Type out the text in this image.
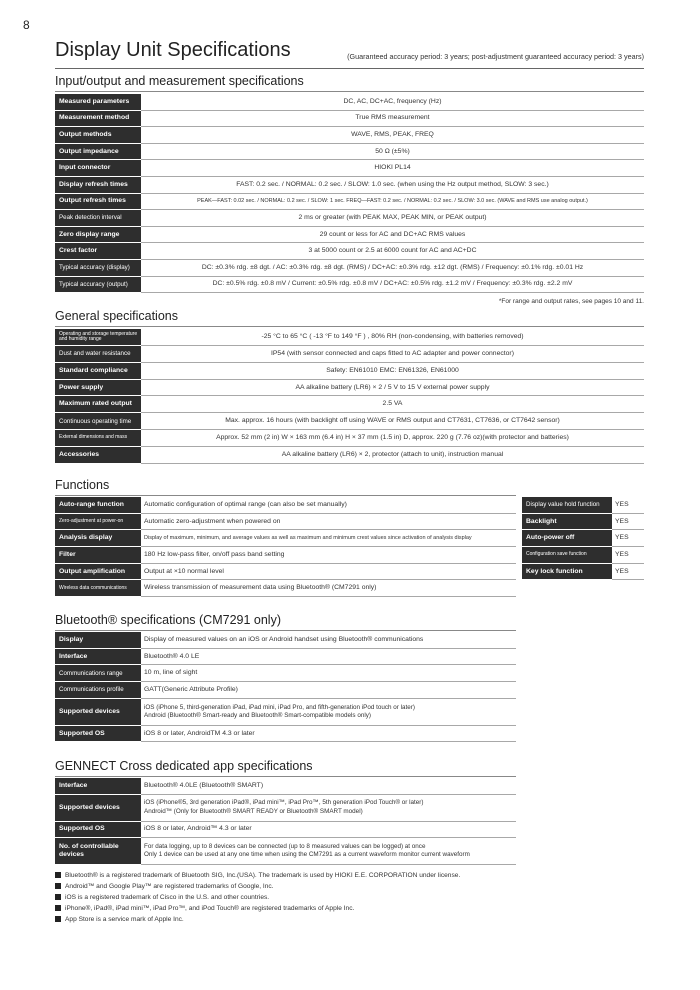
8
Display Unit Specifications	(Guaranteed accuracy period: 3 years; post-adjustment guaranteed accuracy period: 3 years)
Input/output and measurement specifications
Measured parameters	DC, AC, DC+AC, frequency (Hz)
Measurement method	True RMS measurement
Output methods	WAVE, RMS, PEAK, FREQ
Output impedance	50 Ω (±5%)
Input connector	HIOKI PL14
Display refresh times	FAST: 0.2 sec. / NORMAL: 0.2 sec. / SLOW: 1.0 sec. (when using the Hz output method, SLOW: 3 sec.)
Output refresh times	PEAK—FAST: 0.02 sec. / NORMAL: 0.2 sec. / SLOW: 1 sec. FREQ—FAST: 0.2 sec. / NORMAL: 0.2 sec. / SLOW: 3.0 sec. (WAVE and RMS use analog output.)
Peak detection interval	2 ms or greater (with PEAK MAX, PEAK MIN, or PEAK output)
Zero display range	29 count or less for AC and DC+AC RMS values
Crest factor	3 at 5000 count or 2.5 at 6000 count for AC and AC+DC
Typical accuracy (display)	DC: ±0.3% rdg. ±8 dgt. / AC: ±0.3% rdg. ±8 dgt. (RMS) / DC+AC: ±0.3% rdg. ±12 dgt. (RMS) / Frequency: ±0.1% rdg. ±0.01 Hz
Typical accuracy (output)	DC: ±0.5% rdg. ±0.8 mV / Current: ±0.5% rdg. ±0.8 mV / DC+AC: ±0.5% rdg. ±1.2 mV / Frequency: ±0.3% rdg. ±2.2 mV
*For range and output rates, see pages 10 and 11.
General specifications
Operating and storage temperature and humidity range	-25 °C to 65 °C ( -13 °F to 149 °F ) , 80% RH (non-condensing, with batteries removed)
Dust and water resistance	IP54 (with sensor connected and caps fitted to AC adapter and power connector)
Standard compliance	Safety: EN61010 EMC: EN61326, EN61000
Power supply	AA alkaline battery (LR6) × 2 / 5 V to 15 V external power supply
Maximum rated output	2.5 VA
Continuous operating time	Max. approx. 16 hours (with backlight off using WAVE or RMS output and CT7631, CT7636, or CT7642 sensor)
External dimensions and mass	Approx. 52 mm (2 in) W × 163 mm (6.4 in) H × 37 mm (1.5 in) D, approx. 220 g (7.76 oz)(with protector and batteries)
Accessories	AA alkaline battery (LR6) × 2, protector (attach to unit), instruction manual
Functions
Auto-range function	Automatic configuration of optimal range (can also be set manually)
Zero-adjustment at power-on	Automatic zero-adjustment when powered on
Analysis display	Display of maximum, minimum, and average values as well as maximum and minimum crest values since activation of analysis display
Filter	180 Hz low-pass filter, on/off pass band setting
Output amplification	Output at ×10 normal level
Wireless data communications	Wireless transmission of measurement data using Bluetooth® (CM7291 only)
Display value hold function	YES
Backlight	YES
Auto-power off	YES
Configuration save function	YES
Key lock function	YES
Bluetooth® specifications (CM7291 only)
Display	Display of measured values on an iOS or Android handset using Bluetooth® communications
Interface	Bluetooth® 4.0 LE
Communications range	10 m, line of sight
Communications profile	GATT(Generic Attribute Profile)
Supported devices	iOS (iPhone 5, third-generation iPad, iPad mini, iPad Pro, and fifth-generation iPod touch or later)
Android (Bluetooth® Smart-ready and Bluetooth® Smart-compatible models only)

Supported OS	iOS 8 or later, AndroidTM 4.3 or later
GENNECT Cross dedicated app specifications
Interface	Bluetooth® 4.0LE (Bluetooth® SMART)
Supported devices	iOS (iPhone®5, 3rd generation iPad®, iPad mini™, iPad Pro™, 5th generation iPod Touch® or later)
Android™ (Only for Bluetooth® SMART READY or Bluetooth® SMART model)

Supported OS	iOS 8 or later, Android™ 4.3 or later
No. of controllable devices	For data logging, up to 8 devices can be connected (up to 8 measured values can be logged) at once
Only 1 device can be used at any one time when using the CM7291 as a current waveform monitor current waveform
Bluetooth® is a registered trademark of Bluetooth SIG, Inc.(USA). The trademark is used by HIOKI E.E. CORPORATION under license.
Android™ and Google Play™ are registered trademarks of Google, Inc.
iOS is a registered trademark of Cisco in the U.S. and other countries.
iPhone®, iPad®, iPad mini™, iPad Pro™, and iPod Touch® are registered trademarks of Apple Inc.
App Store is a service mark of Apple Inc.
